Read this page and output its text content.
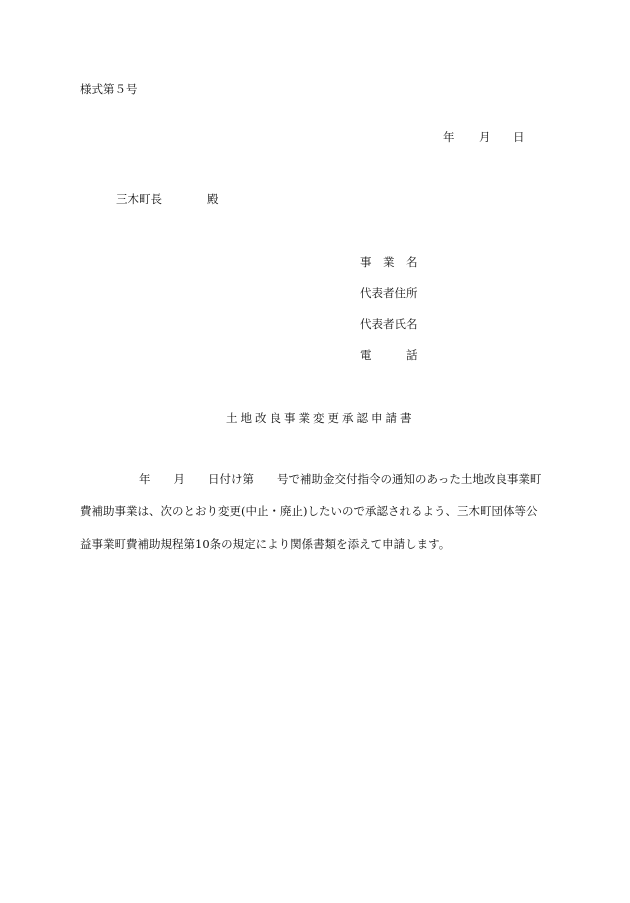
様式第５号
年 月 日
三木町長	殿
事　業　名
代表者住所
代表者氏名
電　　　話
土地改良事業変更承認申請書
年　　月　　日付け第　　号で補助金交付指令の通知のあった土地改良事業町
費補助事業は、次のとおり変更(中止・廃止)したいので承認されるよう、三木町団体等公
益事業町費補助規程第10条の規定により関係書類を添えて申請します。
